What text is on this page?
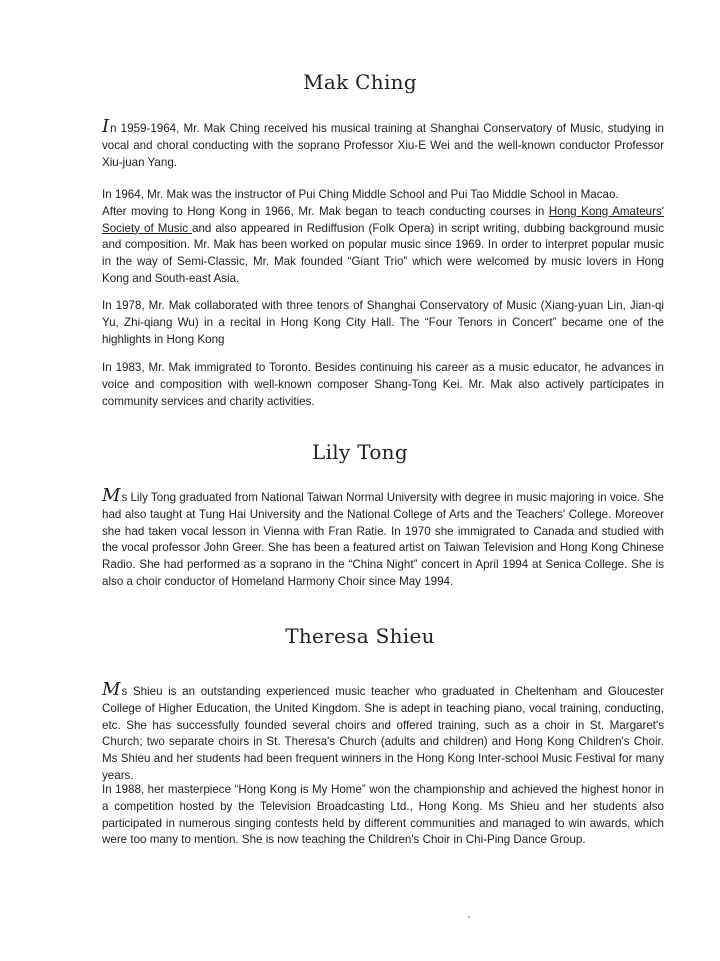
Mak Ching

In 1959-1964, Mr. Mak Ching received his musical training at Shanghai Conservatory of Music, studying in vocal and choral conducting with the soprano Professor Xiu-E Wei and the well-known conductor Professor Xiu-juan Yang.

In 1964, Mr. Mak was the instructor of Pui Ching Middle School and Pui Tao Middle School in Macao.
After moving to Hong Kong in 1966, Mr. Mak began to teach conducting courses in Hong Kong Amateurs' Society of Music and also appeared in Rediffusion (Folk Opera) in script writing, dubbing background music and composition. Mr. Mak has been worked on popular music since 1969. In order to interpret popular music in the way of Semi-Classic, Mr. Mak founded “Giant Trio” which were welcomed by music lovers in Hong Kong and South-east Asia.

In 1978, Mr. Mak collaborated with three tenors of Shanghai Conservatory of Music (Xiang-yuan Lin, Jian-qi Yu, Zhi-qiang Wu) in a recital in Hong Kong City Hall. The “Four Tenors in Concert” became one of the highlights in Hong Kong

In 1983, Mr. Mak immigrated to Toronto. Besides continuing his career as a music educator, he advances in voice and composition with well-known composer Shang-Tong Kei. Mr. Mak also actively participates in community services and charity activities.

Lily Tong

Ms Lily Tong graduated from National Taiwan Normal University with degree in music majoring in voice. She had also taught at Tung Hai University and the National College of Arts and the Teachers' College. Moreover she had taken vocal lesson in Vienna with Fran Ratie. In 1970 she immigrated to Canada and studied with the vocal professor John Greer. She has been a featured artist on Taiwan Television and Hong Kong Chinese Radio. She had performed as a soprano in the “China Night” concert in April 1994 at Senica College. She is also a choir conductor of Homeland Harmony Choir since May 1994.

Theresa Shieu

Ms Shieu is an outstanding experienced music teacher who graduated in Cheltenham and Gloucester College of Higher Education, the United Kingdom. She is adept in teaching piano, vocal training, conducting, etc. She has successfully founded several choirs and offered training, such as a choir in St. Margaret's Church; two separate choirs in St. Theresa's Church (adults and children) and Hong Kong Children's Choir. Ms Shieu and her students had been frequent winners in the Hong Kong Inter-school Music Festival for many years.

In 1988, her masterpiece “Hong Kong is My Home” won the championship and achieved the highest honor in a competition hosted by the Television Broadcasting Ltd., Hong Kong. Ms Shieu and her students also participated in numerous singing contests held by different communities and managed to win awards, which were too many to mention. She is now teaching the Children's Choir in Chi-Ping Dance Group.
